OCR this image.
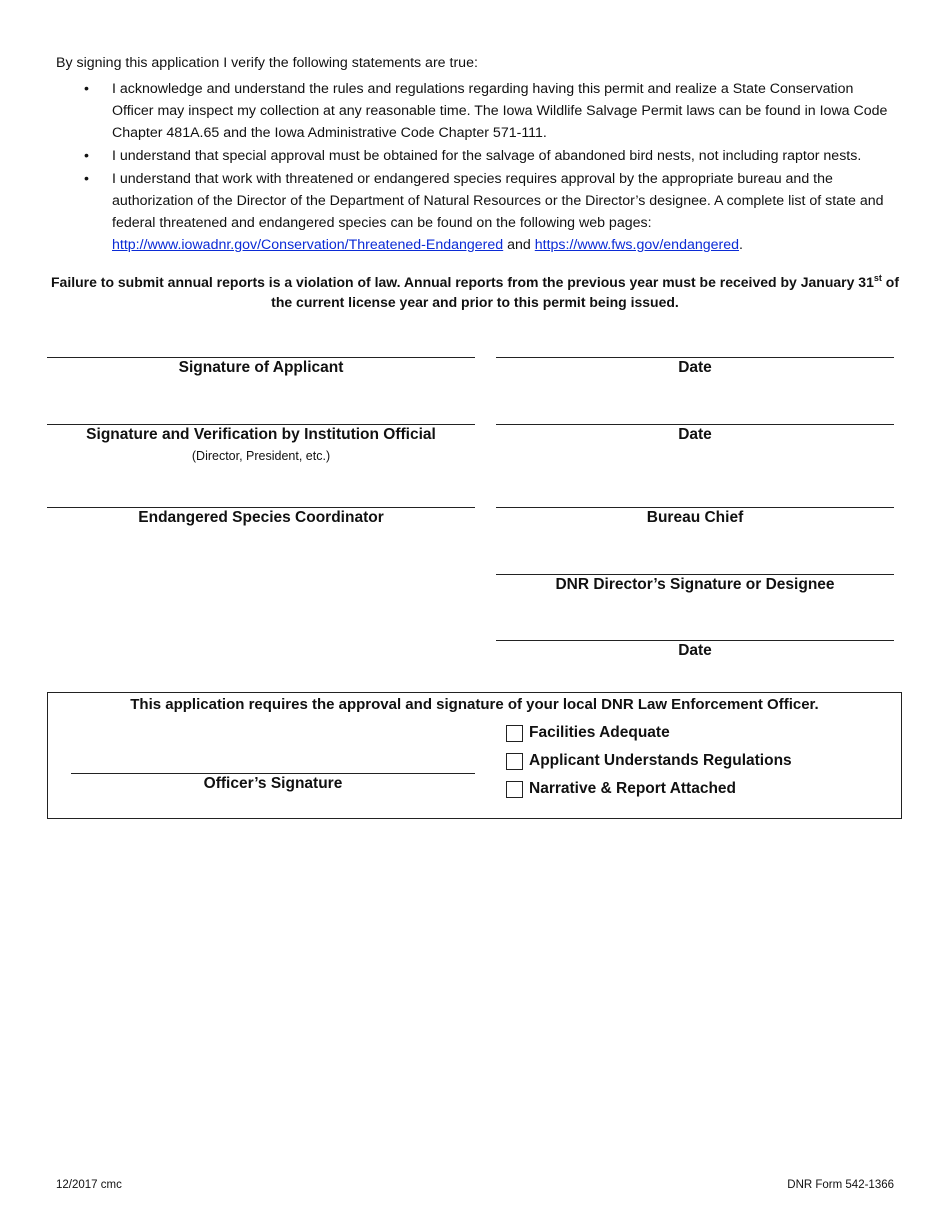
By signing this application I verify the following statements are true:
• I acknowledge and understand the rules and regulations regarding having this permit and realize a State Conservation Officer may inspect my collection at any reasonable time. The Iowa Wildlife Salvage Permit laws can be found in Iowa Code Chapter 481A.65 and the Iowa Administrative Code Chapter 571-111.
• I understand that special approval must be obtained for the salvage of abandoned bird nests, not including raptor nests.
• I understand that work with threatened or endangered species requires approval by the appropriate bureau and the authorization of the Director of the Department of Natural Resources or the Director’s designee. A complete list of state and federal threatened and endangered species can be found on the following web pages:
http://www.iowadnr.gov/Conservation/Threatened-Endangered and https://www.fws.gov/endangered.
Failure to submit annual reports is a violation of law. Annual reports from the previous year must be received by January 31st of the current license year and prior to this permit being issued.
Signature of Applicant	Date
Signature and Verification by Institution Official
(Director, President, etc.)
Date
Endangered Species Coordinator	Bureau Chief
DNR Director’s Signature or Designee
Date
This application requires the approval and signature of your local DNR Law Enforcement Officer.
Facilities Adequate
Applicant Understands Regulations
Narrative & Report Attached
Officer’s Signature
12/2017 cmc	DNR Form 542-1366
